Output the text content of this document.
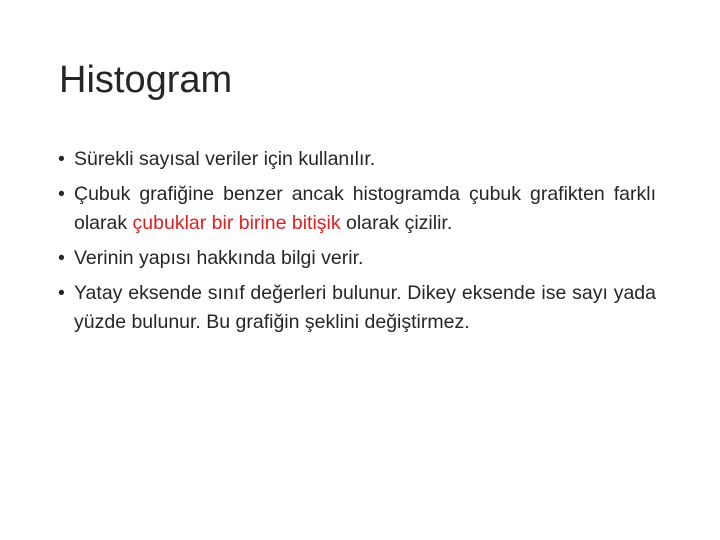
Histogram
• Sürekli sayısal veriler için kullanılır.
• Çubuk grafiğine benzer ancak histogramda çubuk grafikten farklı olarak çubuklar bir birine bitişik olarak çizilir.
• Verinin yapısı hakkında bilgi verir.
• Yatay eksende sınıf değerleri bulunur. Dikey eksende ise sayı yada yüzde bulunur. Bu grafiğin şeklini değiştirmez.
